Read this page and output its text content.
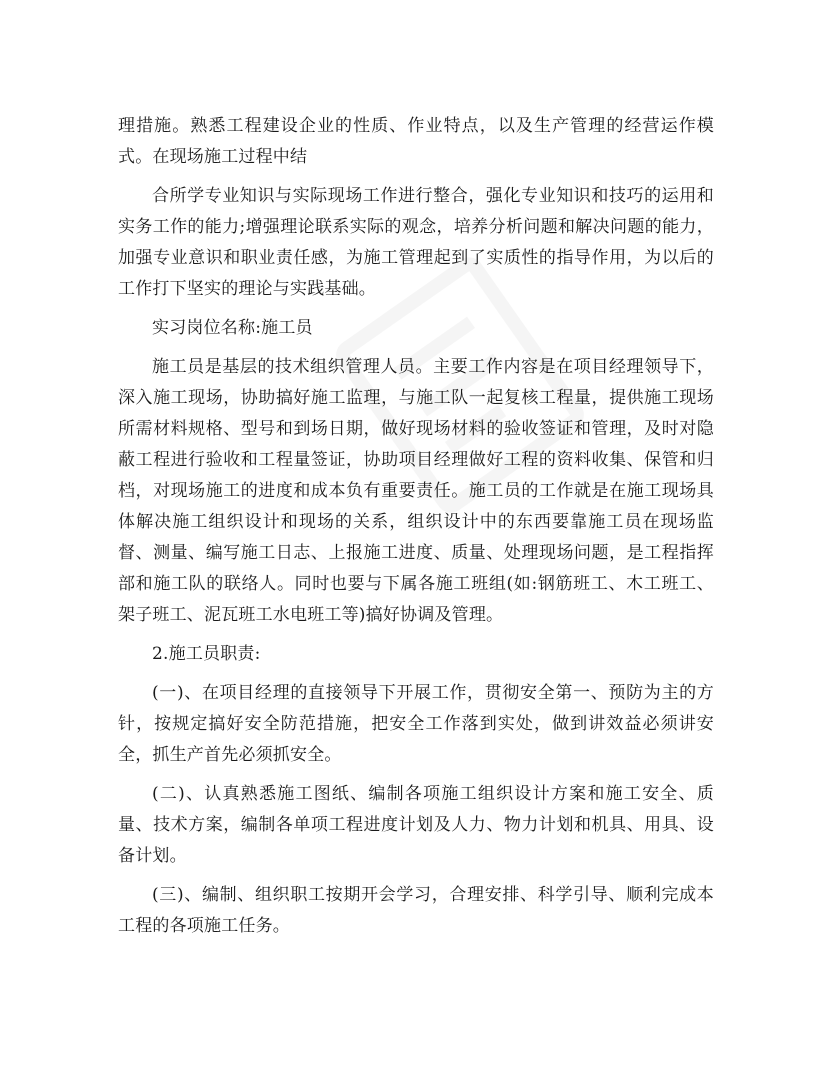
理措施。熟悉工程建设企业的性质、作业特点，以及生产管理的经营运作模式。在现场施工过程中结

合所学专业知识与实际现场工作进行整合，强化专业知识和技巧的运用和实务工作的能力;增强理论联系实际的观念，培养分析问题和解决问题的能力，加强专业意识和职业责任感，为施工管理起到了实质性的指导作用，为以后的工作打下坚实的理论与实践基础。

实习岗位名称:施工员

施工员是基层的技术组织管理人员。主要工作内容是在项目经理领导下，深入施工现场，协助搞好施工监理，与施工队一起复核工程量，提供施工现场所需材料规格、型号和到场日期，做好现场材料的验收签证和管理，及时对隐蔽工程进行验收和工程量签证，协助项目经理做好工程的资料收集、保管和归档，对现场施工的进度和成本负有重要责任。施工员的工作就是在施工现场具体解决施工组织设计和现场的关系，组织设计中的东西要靠施工员在现场监督、测量、编写施工日志、上报施工进度、质量、处理现场问题，是工程指挥部和施工队的联络人。同时也要与下属各施工班组(如:钢筋班工、木工班工、架子班工、泥瓦班工水电班工等)搞好协调及管理。

2.施工员职责:

(一)、在项目经理的直接领导下开展工作，贯彻安全第一、预防为主的方针，按规定搞好安全防范措施，把安全工作落到实处，做到讲效益必须讲安全，抓生产首先必须抓安全。

(二)、认真熟悉施工图纸、编制各项施工组织设计方案和施工安全、质量、技术方案，编制各单项工程进度计划及人力、物力计划和机具、用具、设备计划。

(三)、编制、组织职工按期开会学习，合理安排、科学引导、顺利完成本工程的各项施工任务。
